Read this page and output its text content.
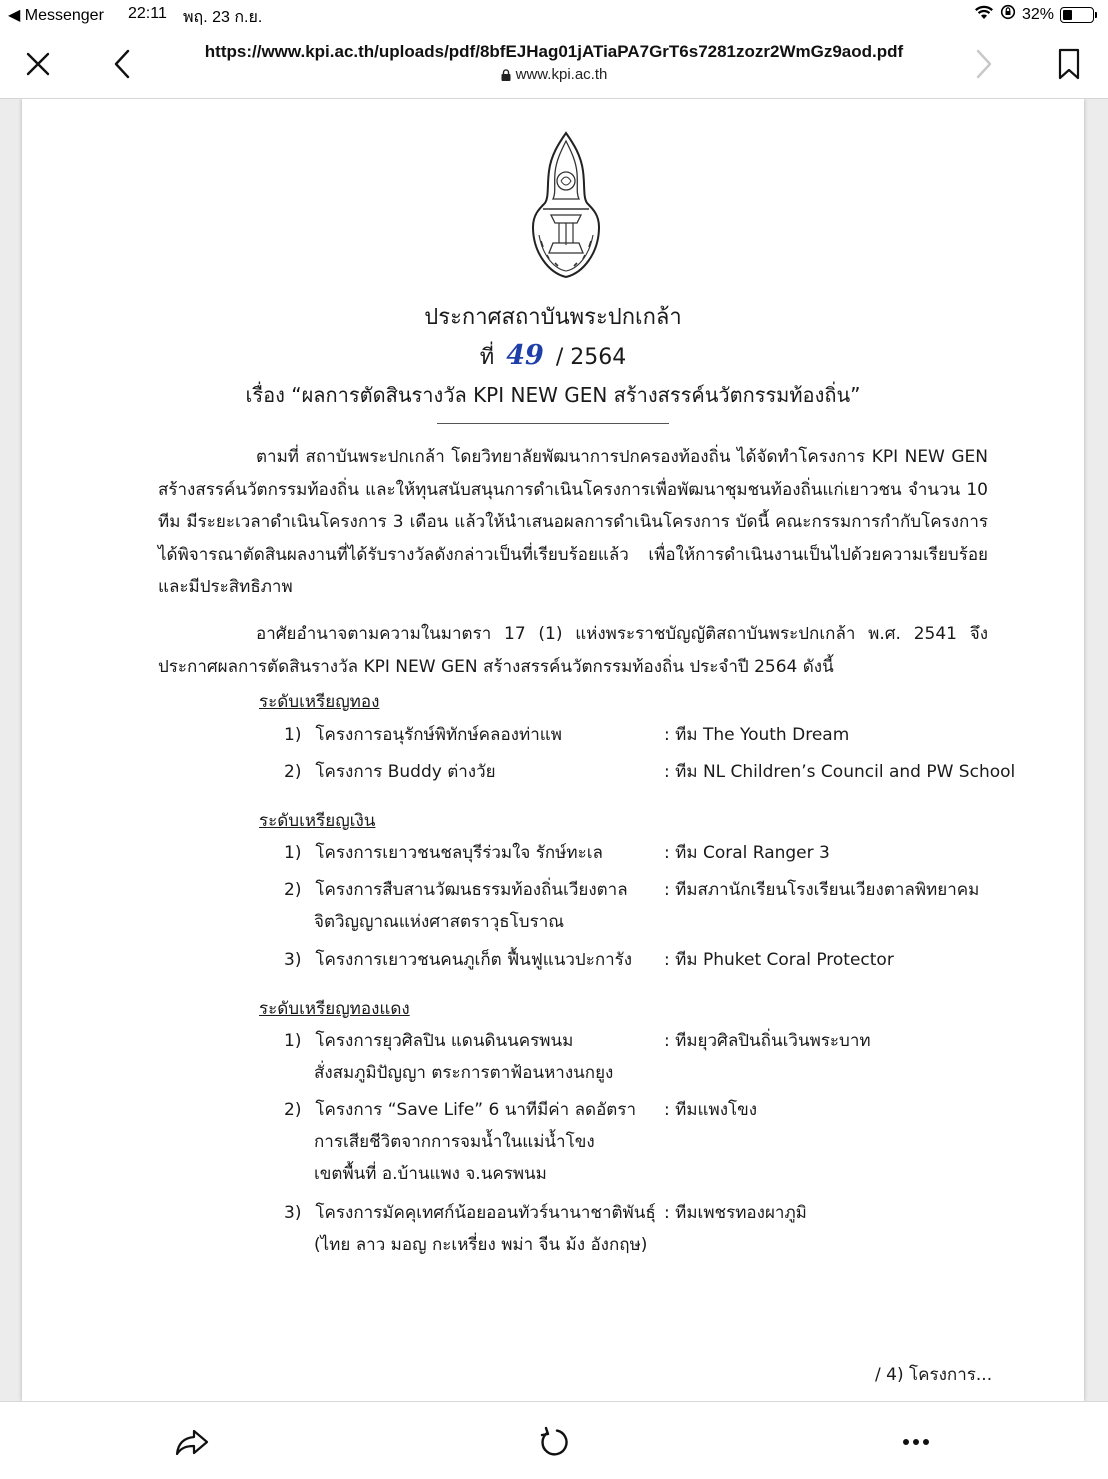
◀ Messenger 22:11 พฤ. 23 ก.ย.	32%
https://www.kpi.ac.th/uploads/pdf/8bfEJHag01jATiaPA7GrT6s7281zozr2WmGz9aod.pdf
www.kpi.ac.th
ประกาศสถาบันพระปกเกล้า
ที่ 49 / 2564
เรื่อง “ผลการตัดสินรางวัล KPI NEW GEN สร้างสรรค์นวัตกรรมท้องถิ่น”
ตามที่ สถาบันพระปกเกล้า โดยวิทยาลัยพัฒนาการปกครองท้องถิ่น ได้จัดทำโครงการ KPI NEW GEN สร้างสรรค์นวัตกรรมท้องถิ่น และให้ทุนสนับสนุนการดำเนินโครงการเพื่อพัฒนาชุมชนท้องถิ่นแก่เยาวชน จำนวน 10 ทีม มีระยะเวลาดำเนินโครงการ 3 เดือน แล้วให้นำเสนอผลการดำเนินโครงการ บัดนี้ คณะกรรมการกำกับโครงการได้พิจารณาตัดสินผลงานที่ได้รับรางวัลดังกล่าวเป็นที่เรียบร้อยแล้ว เพื่อให้การดำเนินงานเป็นไปด้วยความเรียบร้อยและมีประสิทธิภาพ
อาศัยอำนาจตามความในมาตรา 17 (1) แห่งพระราชบัญญัติสถาบันพระปกเกล้า พ.ศ. 2541 จึงประกาศผลการตัดสินรางวัล KPI NEW GEN สร้างสรรค์นวัตกรรมท้องถิ่น ประจำปี 2564 ดังนี้
ระดับเหรียญทอง
1) โครงการอนุรักษ์พิทักษ์คลองท่าแพ	: ทีม The Youth Dream
2) โครงการ Buddy ต่างวัย	: ทีม NL Children’s Council and PW School
ระดับเหรียญเงิน
1) โครงการเยาวชนชลบุรีร่วมใจ รักษ์ทะเล	: ทีม Coral Ranger 3
2) โครงการสืบสานวัฒนธรรมท้องถิ่นเวียงตาล
จิตวิญญาณแห่งศาสตราวุธโบราณ
: ทีมสภานักเรียนโรงเรียนเวียงตาลพิทยาคม
3) โครงการเยาวชนคนภูเก็ต ฟื้นฟูแนวปะการัง	: ทีม Phuket Coral Protector
ระดับเหรียญทองแดง
1) โครงการยุวศิลปิน แดนดินนครพนม
สั่งสมภูมิปัญญา ตระการตาฟ้อนหางนกยูง
: ทีมยุวศิลปินถิ่นเวินพระบาท
2) โครงการ “Save Life” 6 นาทีมีค่า ลดอัตรา
การเสียชีวิตจากการจมน้ำในแม่น้ำโขง
เขตพื้นที่ อ.บ้านแพง จ.นครพนม
: ทีมแพงโขง
3) โครงการมัคคุเทศก์น้อยออนทัวร์นานาชาติพันธุ์
(ไทย ลาว มอญ กะเหรี่ยง พม่า จีน ม้ง อังกฤษ)
: ทีมเพชรทองผาภูมิ
/ 4) โครงการ...
